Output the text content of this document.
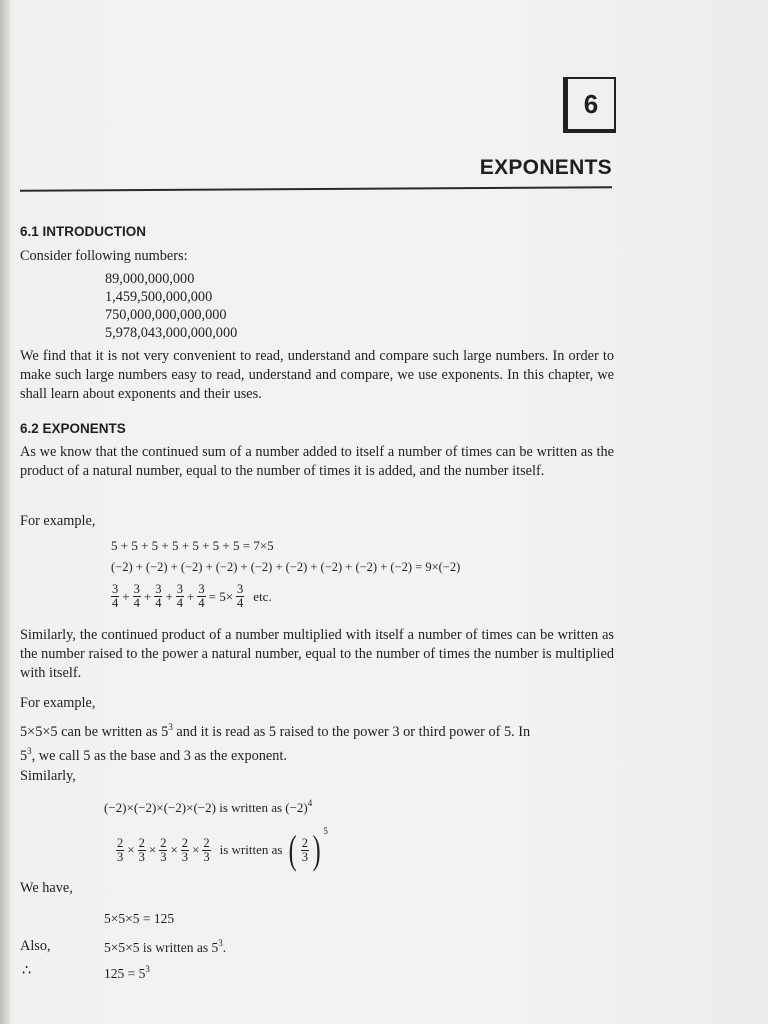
6
EXPONENTS
6.1 INTRODUCTION
Consider following numbers:
89,000,000,000
1,459,500,000,000
750,000,000,000,000
5,978,043,000,000,000
We find that it is not very convenient to read, understand and compare such large numbers. In order to make such large numbers easy to read, understand and compare, we use exponents. In this chapter, we shall learn about exponents and their uses.
6.2 EXPONENTS
As we know that the continued sum of a number added to itself a number of times can be written as the product of a natural number, equal to the number of times it is added, and the number itself.
For example,
5 + 5 + 5 + 5 + 5 + 5 + 5 = 7×5
(−2) + (−2) + (−2) + (−2) + (−2) + (−2) + (−2) + (−2) + (−2) = 9×(−2)
$\frac{3}{4} + \frac{3}{4} + \frac{3}{4} + \frac{3}{4} + \frac{3}{4} = 5\times \frac{3}{4}$ etc.
Similarly, the continued product of a number multiplied with itself a number of times can be written as the number raised to the power a natural number, equal to the number of times the number is multiplied with itself.
For example,
5×5×5 can be written as $5^3$ and it is read as 5 raised to the power 3 or third power of 5. In
$5^3$, we call 5 as the base and 3 as the exponent.
Similarly,
(−2)×(−2)×(−2)×(−2) is written as $(-2)^4$
$\frac{2}{3} \times \frac{2}{3} \times \frac{2}{3} \times \frac{2}{3} \times \frac{2}{3}$ is written as ( $\frac{2}{3}$ ) $^5$
We have,
5×5×5 = 125
Also,	5×5×5 is written as $5^3$.
∴	$125 = 5^3$
